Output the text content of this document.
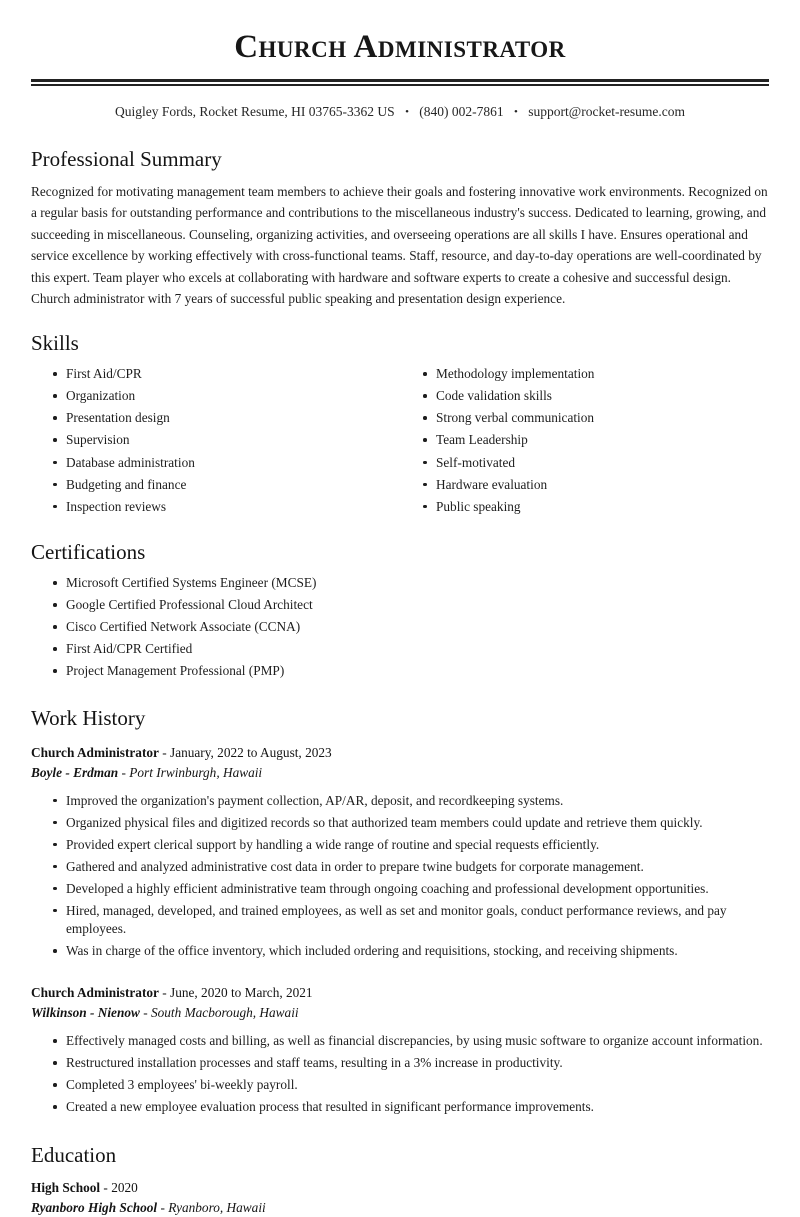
Church Administrator
Quigley Fords, Rocket Resume, HI 03765-3362 US • (840) 002-7861 • support@rocket-resume.com
Professional Summary

Recognized for motivating management team members to achieve their goals and fostering innovative work environments. Recognized on a regular basis for outstanding performance and contributions to the miscellaneous industry's success. Dedicated to learning, growing, and succeeding in miscellaneous. Counseling, organizing activities, and overseeing operations are all skills I have. Ensures operational and service excellence by working effectively with cross-functional teams. Staff, resource, and day-to-day operations are well-coordinated by this expert. Team player who excels at collaborating with hardware and software experts to create a cohesive and successful design. Church administrator with 7 years of successful public speaking and presentation design experience.

Skills
First Aid/CPR
Organization
Presentation design
Supervision
Database administration
Budgeting and finance
Inspection reviews
Methodology implementation
Code validation skills
Strong verbal communication
Team Leadership
Self-motivated
Hardware evaluation
Public speaking
Certifications
Microsoft Certified Systems Engineer (MCSE)
Google Certified Professional Cloud Architect
Cisco Certified Network Associate (CCNA)
First Aid/CPR Certified
Project Management Professional (PMP)
Work History
Church Administrator - January, 2022 to August, 2023
Boyle - Erdman - Port Irwinburgh, Hawaii
Improved the organization's payment collection, AP/AR, deposit, and recordkeeping systems.
Organized physical files and digitized records so that authorized team members could update and retrieve them quickly.
Provided expert clerical support by handling a wide range of routine and special requests efficiently.
Gathered and analyzed administrative cost data in order to prepare twine budgets for corporate management.
Developed a highly efficient administrative team through ongoing coaching and professional development opportunities.
Hired, managed, developed, and trained employees, as well as set and monitor goals, conduct performance reviews, and pay employees.
Was in charge of the office inventory, which included ordering and requisitions, stocking, and receiving shipments.
Church Administrator - June, 2020 to March, 2021
Wilkinson - Nienow - South Macborough, Hawaii
Effectively managed costs and billing, as well as financial discrepancies, by using music software to organize account information.
Restructured installation processes and staff teams, resulting in a 3% increase in productivity.
Completed 3 employees' bi-weekly payroll.
Created a new employee evaluation process that resulted in significant performance improvements.
Education
High School - 2020
Ryanboro High School - Ryanboro, Hawaii
